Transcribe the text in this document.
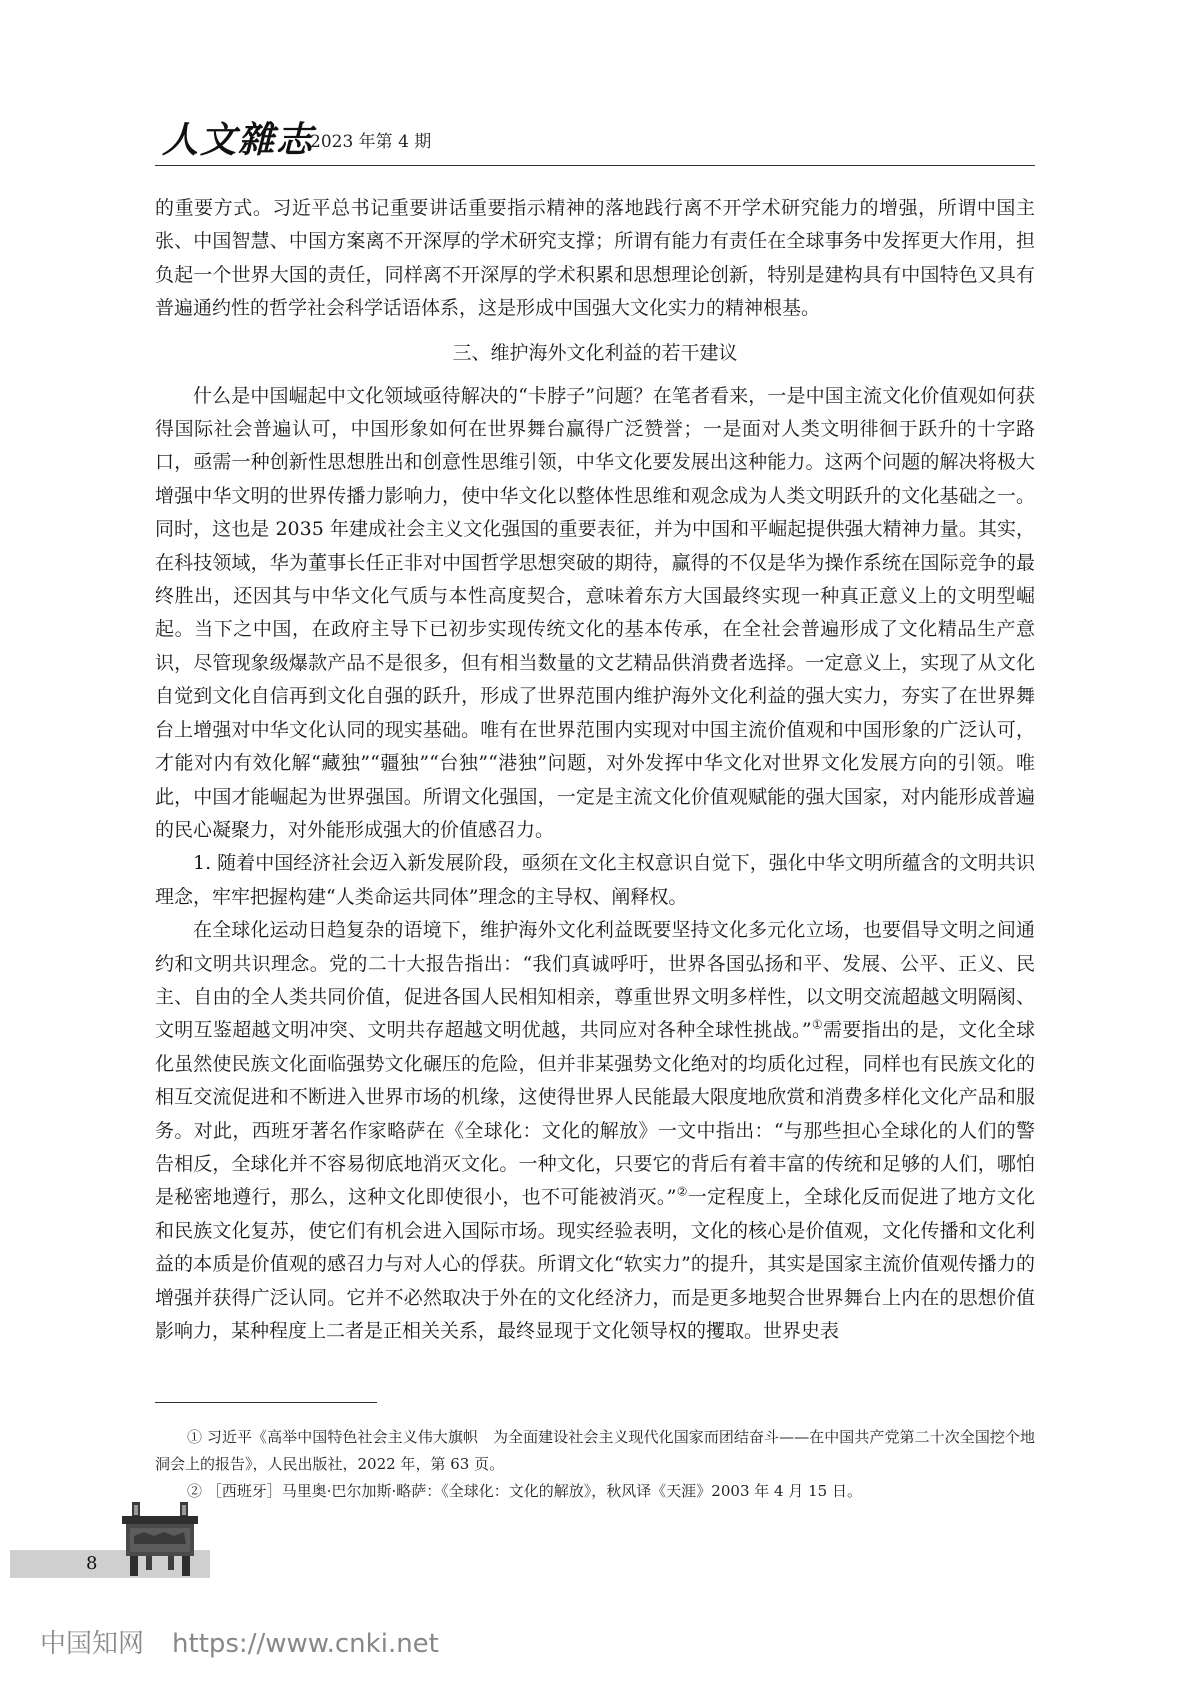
人文雜志
2023 年第 4 期

的重要方式。习近平总书记重要讲话重要指示精神的落地践行离不开学术研究能力的增强，所谓中国主张、中国智慧、中国方案离不开深厚的学术研究支撑；所谓有能力有责任在全球事务中发挥更大作用，担负起一个世界大国的责任，同样离不开深厚的学术积累和思想理论创新，特别是建构具有中国特色又具有普遍通约性的哲学社会科学话语体系，这是形成中国强大文化实力的精神根基。

三、维护海外文化利益的若干建议

什么是中国崛起中文化领域亟待解决的“卡脖子”问题？在笔者看来，一是中国主流文化价值观如何获得国际社会普遍认可，中国形象如何在世界舞台赢得广泛赞誉；一是面对人类文明徘徊于跃升的十字路口，亟需一种创新性思想胜出和创意性思维引领，中华文化要发展出这种能力。这两个问题的解决将极大增强中华文明的世界传播力影响力，使中华文化以整体性思维和观念成为人类文明跃升的文化基础之一。同时，这也是 2035 年建成社会主义文化强国的重要表征，并为中国和平崛起提供强大精神力量。其实，在科技领域，华为董事长任正非对中国哲学思想突破的期待，赢得的不仅是华为操作系统在国际竞争的最终胜出，还因其与中华文化气质与本性高度契合，意味着东方大国最终实现一种真正意义上的文明型崛起。当下之中国，在政府主导下已初步实现传统文化的基本传承，在全社会普遍形成了文化精品生产意识，尽管现象级爆款产品不是很多，但有相当数量的文艺精品供消费者选择。一定意义上，实现了从文化自觉到文化自信再到文化自强的跃升，形成了世界范围内维护海外文化利益的强大实力，夯实了在世界舞台上增强对中华文化认同的现实基础。唯有在世界范围内实现对中国主流价值观和中国形象的广泛认可，才能对内有效化解“藏独”“疆独”“台独”“港独”问题，对外发挥中华文化对世界文化发展方向的引领。唯此，中国才能崛起为世界强国。所谓文化强国，一定是主流文化价值观赋能的强大国家，对内能形成普遍的民心凝聚力，对外能形成强大的价值感召力。

1. 随着中国经济社会迈入新发展阶段，亟须在文化主权意识自觉下，强化中华文明所蕴含的文明共识理念，牢牢把握构建“人类命运共同体”理念的主导权、阐释权。

在全球化运动日趋复杂的语境下，维护海外文化利益既要坚持文化多元化立场，也要倡导文明之间通约和文明共识理念。党的二十大报告指出：“我们真诚呼吁，世界各国弘扬和平、发展、公平、正义、民主、自由的全人类共同价值，促进各国人民相知相亲，尊重世界文明多样性，以文明交流超越文明隔阂、文明互鉴超越文明冲突、文明共存超越文明优越，共同应对各种全球性挑战。”①需要指出的是，文化全球化虽然使民族文化面临强势文化碾压的危险，但并非某强势文化绝对的均质化过程，同样也有民族文化的相互交流促进和不断进入世界市场的机缘，这使得世界人民能最大限度地欣赏和消费多样化文化产品和服务。对此，西班牙著名作家略萨在《全球化：文化的解放》一文中指出：“与那些担心全球化的人们的警告相反，全球化并不容易彻底地消灭文化。一种文化，只要它的背后有着丰富的传统和足够的人们，哪怕是秘密地遵行，那么，这种文化即使很小，也不可能被消灭。”②一定程度上，全球化反而促进了地方文化和民族文化复苏，使它们有机会进入国际市场。现实经验表明，文化的核心是价值观，文化传播和文化利益的本质是价值观的感召力与对人心的俘获。所谓文化“软实力”的提升，其实是国家主流价值观传播力的增强并获得广泛认同。它并不必然取决于外在的文化经济力，而是更多地契合世界舞台上内在的思想价值影响力，某种程度上二者是正相关关系，最终显现于文化领导权的攫取。世界史表

① 习近平《高举中国特色社会主义伟大旗帜　为全面建设社会主义现代化国家而团结奋斗——在中国共产党第二十次全国挖个地洞会上的报告》，人民出版社，2022 年，第 63 页。

② ［西班牙］马里奥·巴尔加斯·略萨：《全球化：文化的解放》，秋风译《天涯》2003 年 4 月 15 日。

8
中国知网 https://www.cnki.net
